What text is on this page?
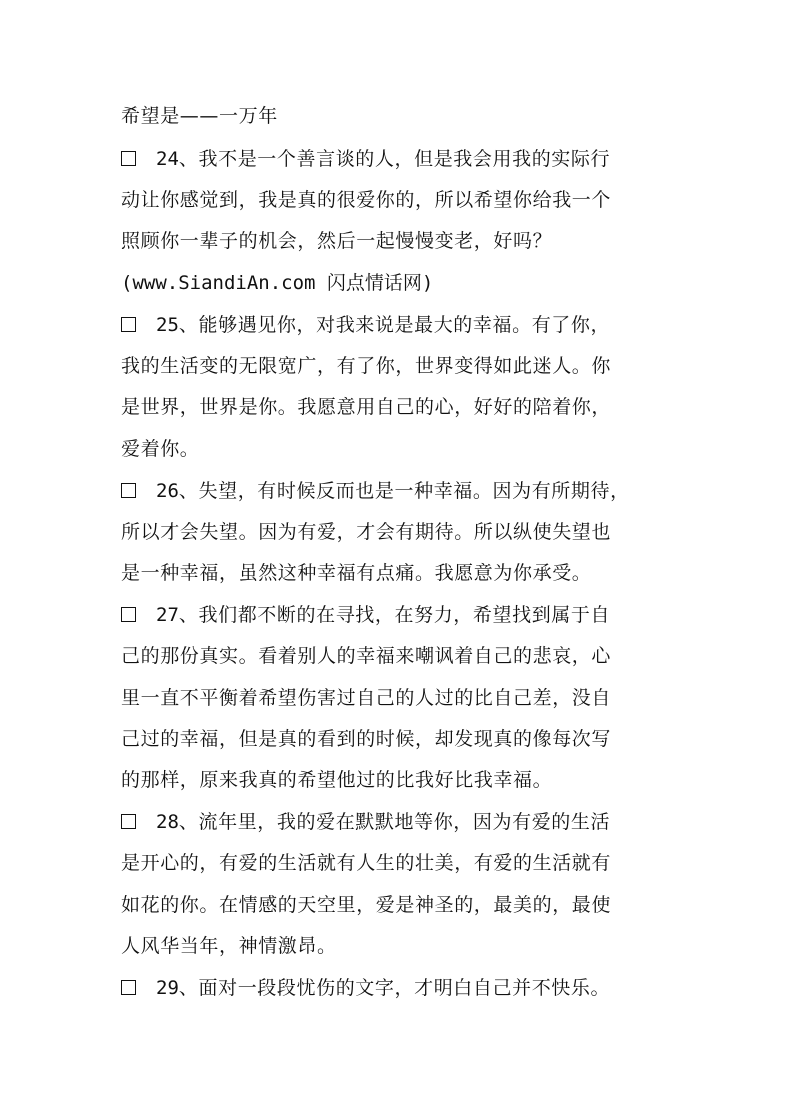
希望是——一万年
24、我不是一个善言谈的人，但是我会用我的实际行
动让你感觉到，我是真的很爱你的，所以希望你给我一个
照顾你一辈子的机会，然后一起慢慢变老，好吗？
(www.SiandiAn.com 闪点情话网)
25、能够遇见你，对我来说是最大的幸福。有了你，
我的生活变的无限宽广，有了你，世界变得如此迷人。你
是世界，世界是你。我愿意用自己的心，好好的陪着你，
爱着你。
26、失望，有时候反而也是一种幸福。因为有所期待，
所以才会失望。因为有爱，才会有期待。所以纵使失望也
是一种幸福，虽然这种幸福有点痛。我愿意为你承受。
27、我们都不断的在寻找，在努力，希望找到属于自
己的那份真实。看着别人的幸福来嘲讽着自己的悲哀，心
里一直不平衡着希望伤害过自己的人过的比自己差，没自
己过的幸福，但是真的看到的时候，却发现真的像每次写
的那样，原来我真的希望他过的比我好比我幸福。
28、流年里，我的爱在默默地等你，因为有爱的生活
是开心的，有爱的生活就有人生的壮美，有爱的生活就有
如花的你。在情感的天空里，爱是神圣的，最美的，最使
人风华当年，神情激昂。
29、面对一段段忧伤的文字，才明白自己并不快乐。
